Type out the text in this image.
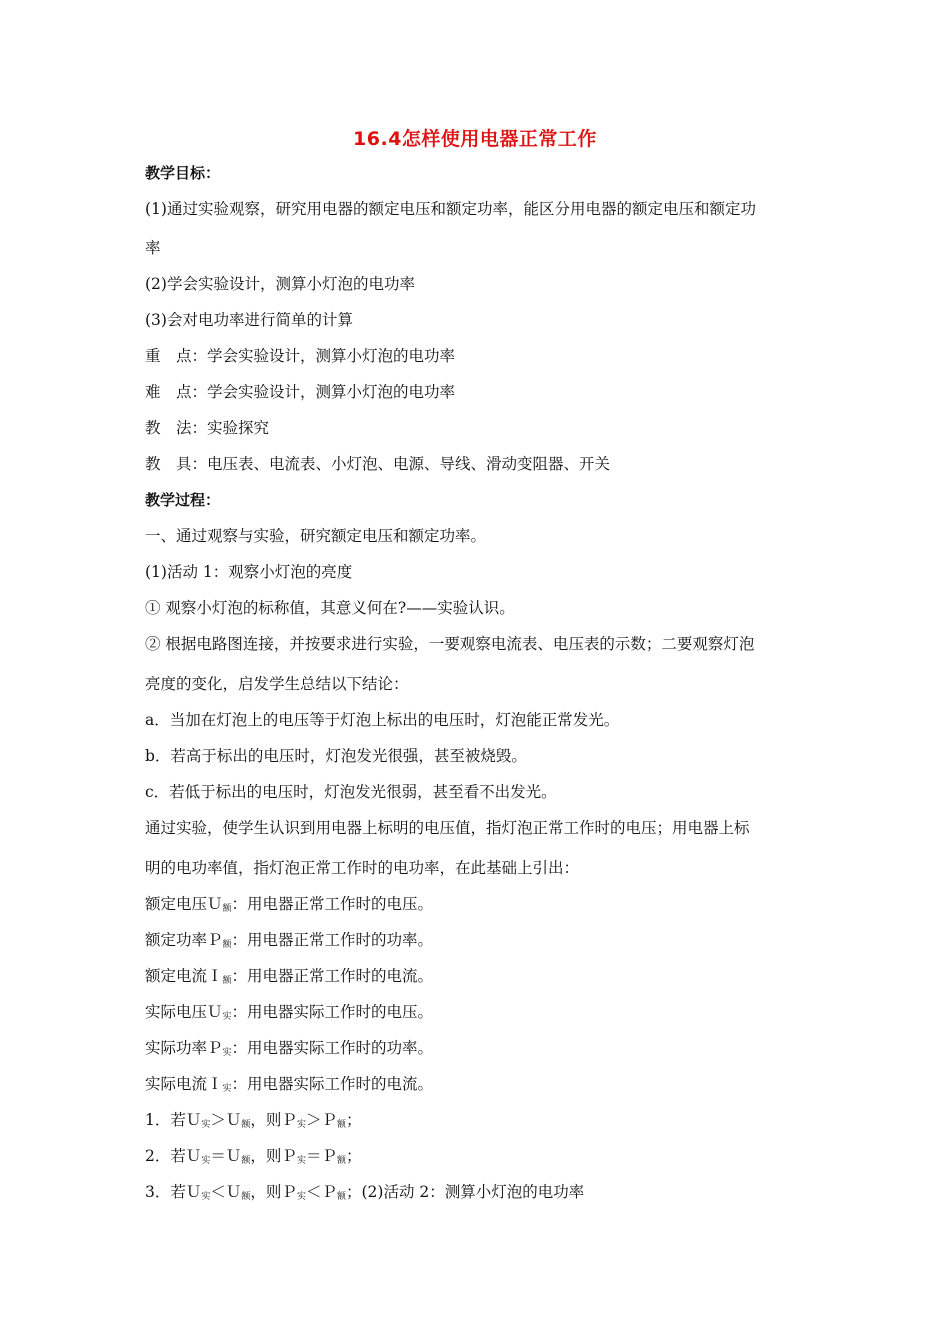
16.4怎样使用电器正常工作
教学目标：
(1)通过实验观察，研究用电器的额定电压和额定功率，能区分用电器的额定电压和额定功
率
(2)学会实验设计，测算小灯泡的电功率
(3)会对电功率进行简单的计算
重　点：学会实验设计，测算小灯泡的电功率
难　点：学会实验设计，测算小灯泡的电功率
教　法：实验探究
教　具：电压表、电流表、小灯泡、电源、导线、滑动变阻器、开关
教学过程：
一、通过观察与实验，研究额定电压和额定功率。
(1)活动 1：观察小灯泡的亮度
① 观察小灯泡的标称值，其意义何在?——实验认识。
② 根据电路图连接，并按要求进行实验，一要观察电流表、电压表的示数；二要观察灯泡
亮度的变化，启发学生总结以下结论：
a．当加在灯泡上的电压等于灯泡上标出的电压时，灯泡能正常发光。
b．若高于标出的电压时，灯泡发光很强，甚至被烧毁。
c．若低于标出的电压时，灯泡发光很弱，甚至看不出发光。
通过实验，使学生认识到用电器上标明的电压值，指灯泡正常工作时的电压；用电器上标
明的电功率值，指灯泡正常工作时的电功率，在此基础上引出：
额定电压Ｕ$_额$：用电器正常工作时的电压。
额定功率Ｐ$_额$：用电器正常工作时的功率。
额定电流Ｉ$_额$：用电器正常工作时的电流。
实际电压Ｕ$_实$：用电器实际工作时的电压。
实际功率Ｐ$_实$：用电器实际工作时的功率。
实际电流Ｉ$_实$：用电器实际工作时的电流。
1．若Ｕ$_实$＞Ｕ$_额$，则Ｐ$_实$＞Ｐ$_额$；
2．若Ｕ$_实$＝Ｕ$_额$，则Ｐ$_实$＝Ｐ$_额$；
3．若Ｕ$_实$＜Ｕ$_额$，则Ｐ$_实$＜Ｐ$_额$；(2)活动 2：测算小灯泡的电功率
